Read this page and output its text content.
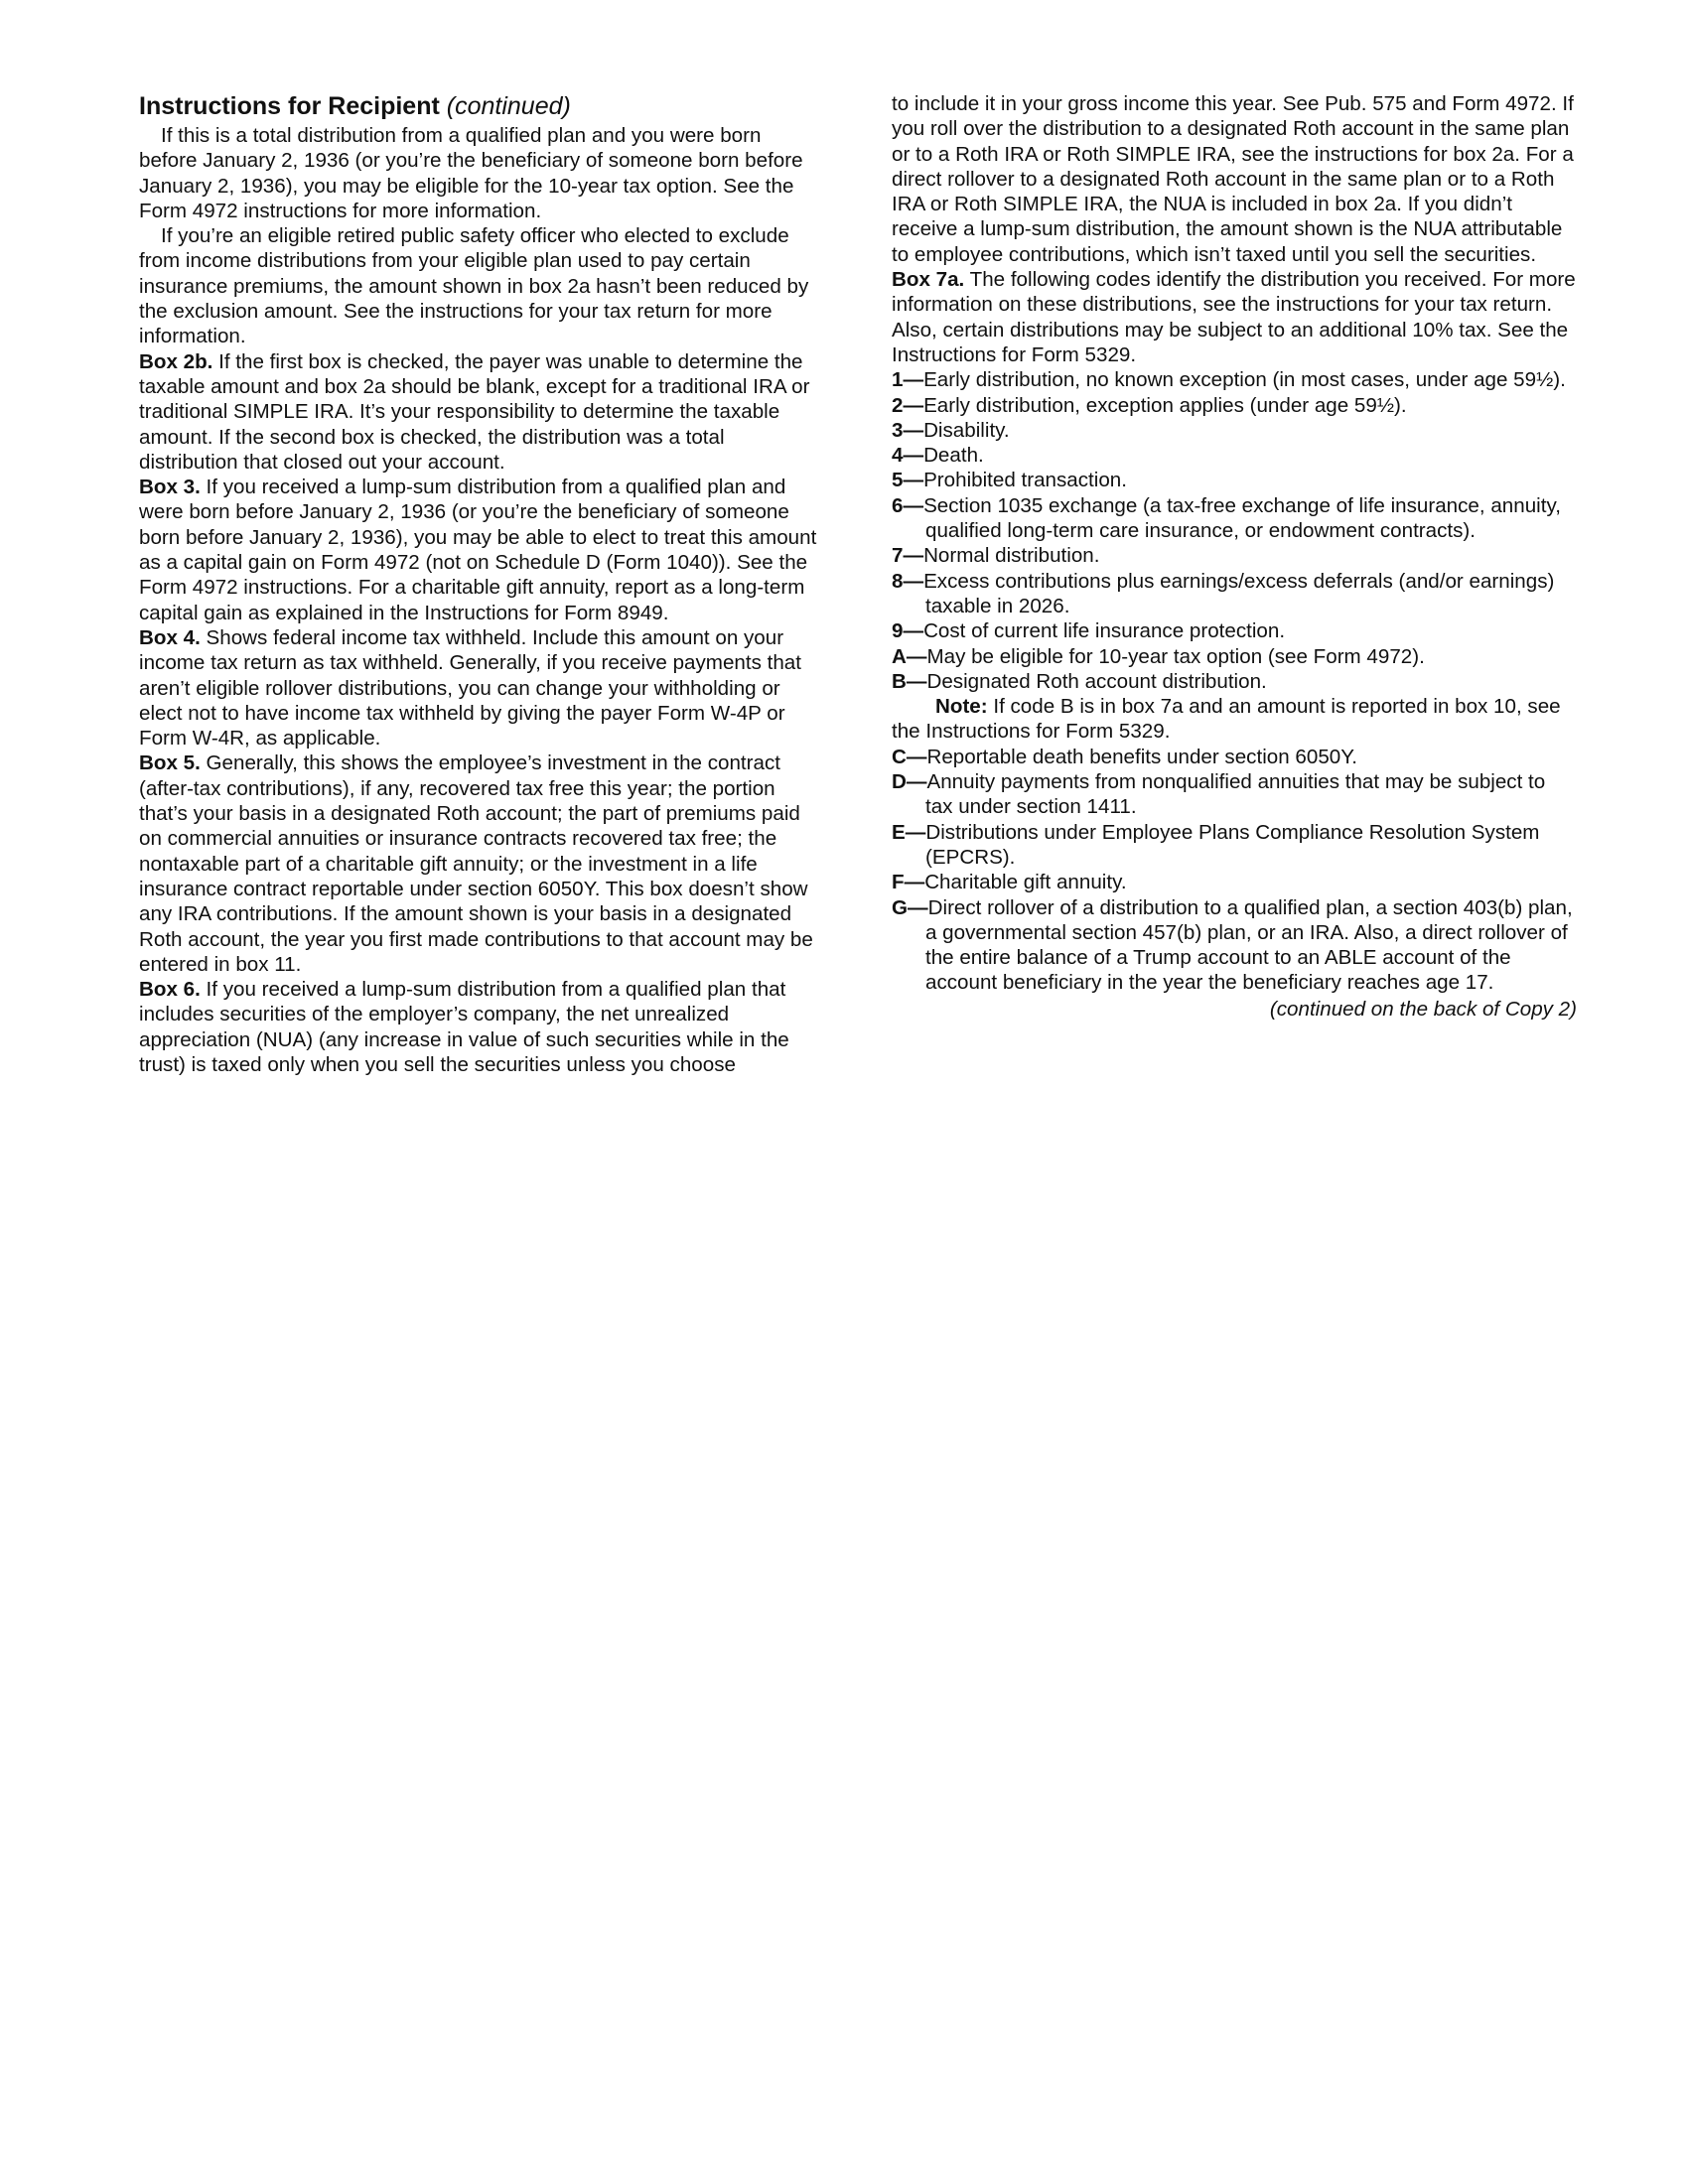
Instructions for Recipient (continued)

If this is a total distribution from a qualified plan and you were born before January 2, 1936 (or you’re the beneficiary of someone born before January 2, 1936), you may be eligible for the 10-year tax option. See the Form 4972 instructions for more information.

If you’re an eligible retired public safety officer who elected to exclude from income distributions from your eligible plan used to pay certain insurance premiums, the amount shown in box 2a hasn’t been reduced by the exclusion amount. See the instructions for your tax return for more information.

Box 2b. If the first box is checked, the payer was unable to determine the taxable amount and box 2a should be blank, except for a traditional IRA or traditional SIMPLE IRA. It’s your responsibility to determine the taxable amount. If the second box is checked, the distribution was a total distribution that closed out your account.

Box 3. If you received a lump-sum distribution from a qualified plan and were born before January 2, 1936 (or you’re the beneficiary of someone born before January 2, 1936), you may be able to elect to treat this amount as a capital gain on Form 4972 (not on Schedule D (Form 1040)). See the Form 4972 instructions. For a charitable gift annuity, report as a long-term capital gain as explained in the Instructions for Form 8949.

Box 4. Shows federal income tax withheld. Include this amount on your income tax return as tax withheld. Generally, if you receive payments that aren’t eligible rollover distributions, you can change your withholding or elect not to have income tax withheld by giving the payer Form W-4P or Form W-4R, as applicable.

Box 5. Generally, this shows the employee’s investment in the contract (after-tax contributions), if any, recovered tax free this year; the portion that’s your basis in a designated Roth account; the part of premiums paid on commercial annuities or insurance contracts recovered tax free; the nontaxable part of a charitable gift annuity; or the investment in a life insurance contract reportable under section 6050Y. This box doesn’t show any IRA contributions. If the amount shown is your basis in a designated Roth account, the year you first made contributions to that account may be entered in box 11.

Box 6. If you received a lump-sum distribution from a qualified plan that includes securities of the employer’s company, the net unrealized appreciation (NUA) (any increase in value of such securities while in the trust) is taxed only when you sell the securities unless you choose

to include it in your gross income this year. See Pub. 575 and Form 4972. If you roll over the distribution to a designated Roth account in the same plan or to a Roth IRA or Roth SIMPLE IRA, see the instructions for box 2a. For a direct rollover to a designated Roth account in the same plan or to a Roth IRA or Roth SIMPLE IRA, the NUA is included in box 2a. If you didn’t receive a lump-sum distribution, the amount shown is the NUA attributable to employee contributions, which isn’t taxed until you sell the securities.

Box 7a. The following codes identify the distribution you received. For more information on these distributions, see the instructions for your tax return. Also, certain distributions may be subject to an additional 10% tax. See the Instructions for Form 5329.

1—Early distribution, no known exception (in most cases, under age 59½).

2—Early distribution, exception applies (under age 59½).

3—Disability.

4—Death.

5—Prohibited transaction.

6—Section 1035 exchange (a tax-free exchange of life insurance, annuity, qualified long-term care insurance, or endowment contracts).

7—Normal distribution.

8—Excess contributions plus earnings/excess deferrals (and/or earnings) taxable in 2026.

9—Cost of current life insurance protection.

A—May be eligible for 10-year tax option (see Form 4972).

B—Designated Roth account distribution.

Note: If code B is in box 7a and an amount is reported in box 10, see the Instructions for Form 5329.

C—Reportable death benefits under section 6050Y.

D—Annuity payments from nonqualified annuities that may be subject to tax under section 1411.

E—Distributions under Employee Plans Compliance Resolution System (EPCRS).

F—Charitable gift annuity.

G—Direct rollover of a distribution to a qualified plan, a section 403(b) plan, a governmental section 457(b) plan, or an IRA. Also, a direct rollover of the entire balance of a Trump account to an ABLE account of the account beneficiary in the year the beneficiary reaches age 17.

(continued on the back of Copy 2)
